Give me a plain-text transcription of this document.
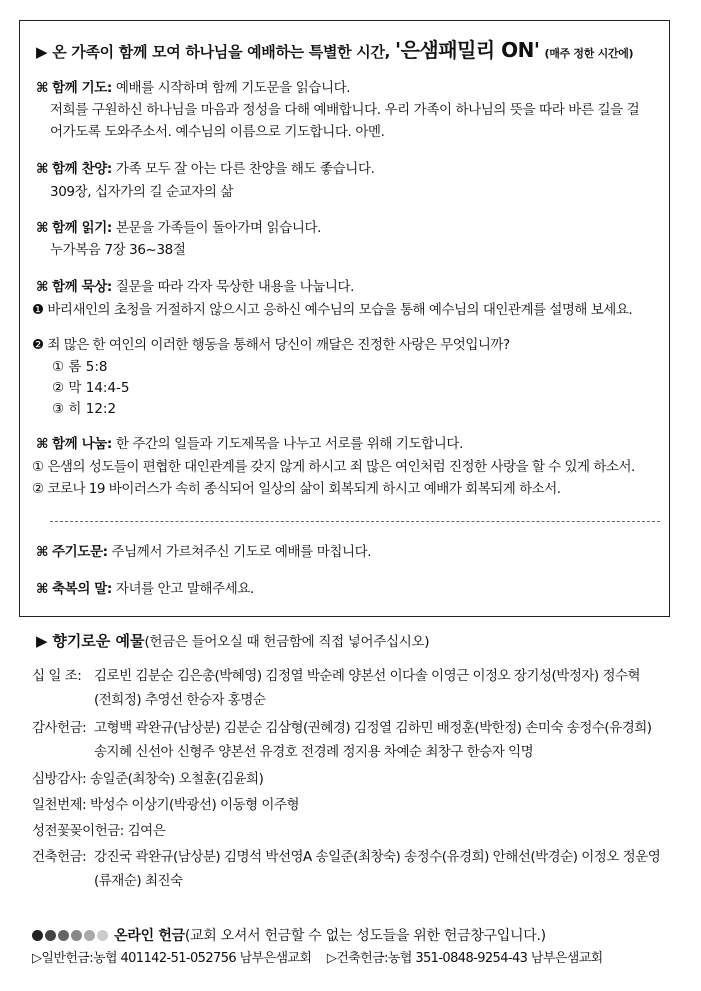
▶ 온 가족이 함께 모여 하나님을 예배하는 특별한 시간, '은샘패밀리 ON' (매주 정한 시간에)
⌘ 함께 기도: 예배를 시작하며 함께 기도문을 읽습니다.
저희를 구원하신 하나님을 마음과 정성을 다해 예배합니다. 우리 가족이 하나님의 뜻을 따라 바른 길을 걸
어가도록 도와주소서. 예수님의 이름으로 기도합니다. 아멘.
⌘ 함께 찬양: 가족 모두 잘 아는 다른 찬양을 해도 좋습니다.
309장, 십자가의 길 순교자의 삶
⌘ 함께 읽기: 본문을 가족들이 돌아가며 읽습니다.
누가복음 7장 36~38절
⌘ 함께 묵상: 질문을 따라 각자 묵상한 내용을 나눕니다.
❶ 바리새인의 초청을 거절하지 않으시고 응하신 예수님의 모습을 통해 예수님의 대인관계를 설명해 보세요.
❷ 죄 많은 한 여인의 이러한 행동을 통해서 당신이 깨달은 진정한 사랑은 무엇입니까?
① 롬 5:8
② 막 14:4-5
③ 히 12:2
⌘ 함께 나눔: 한 주간의 일들과 기도제목을 나누고 서로를 위해 기도합니다.
① 은샘의 성도들이 편협한 대인관계를 갖지 않게 하시고 죄 많은 여인처럼 진정한 사랑을 할 수 있게 하소서.
② 코로나 19 바이러스가 속히 종식되어 일상의 삶이 회복되게 하시고 예배가 회복되게 하소서.
⌘ 주기도문: 주님께서 가르쳐주신 기도로 예배를 마칩니다.
⌘ 축복의 말: 자녀를 안고 말해주세요.
▶ 향기로운 예물(헌금은 들어오실 때 헌금함에 직접 넣어주십시오)
십 일 조: 김로빈 김분순 김은총(박혜영) 김정열 박순례 양본선 이다솔 이영근 이정오 장기성(박정자) 정수혁
(전희정) 추영선 한승자 홍명순
감사헌금: 고형백 곽완규(남상분) 김분순 김삼형(권혜경) 김정열 김하민 배정훈(박한정) 손미숙 송정수(유경희)
송지혜 신선아 신형주 양본선 유경호 전경례 정지용 차예순 최창구 한승자 익명
심방감사: 송일준(최창숙) 오철훈(김윤희)
일천번제: 박성수 이상기(박광선) 이동형 이주형
성전꽃꽂이헌금: 김여은
건축헌금: 강진국 곽완규(남상분) 김명석 박선영A 송일준(최창숙) 송정수(유경희) 안해선(박경순) 이정오 정운영
(류재순) 최진숙
온라인 헌금(교회 오셔서 헌금할 수 없는 성도들을 위한 헌금창구입니다.)
▷일반헌금:농협 401142-51-052756 남부은샘교회 ▷건축헌금:농협 351-0848-9254-43 남부은샘교회
